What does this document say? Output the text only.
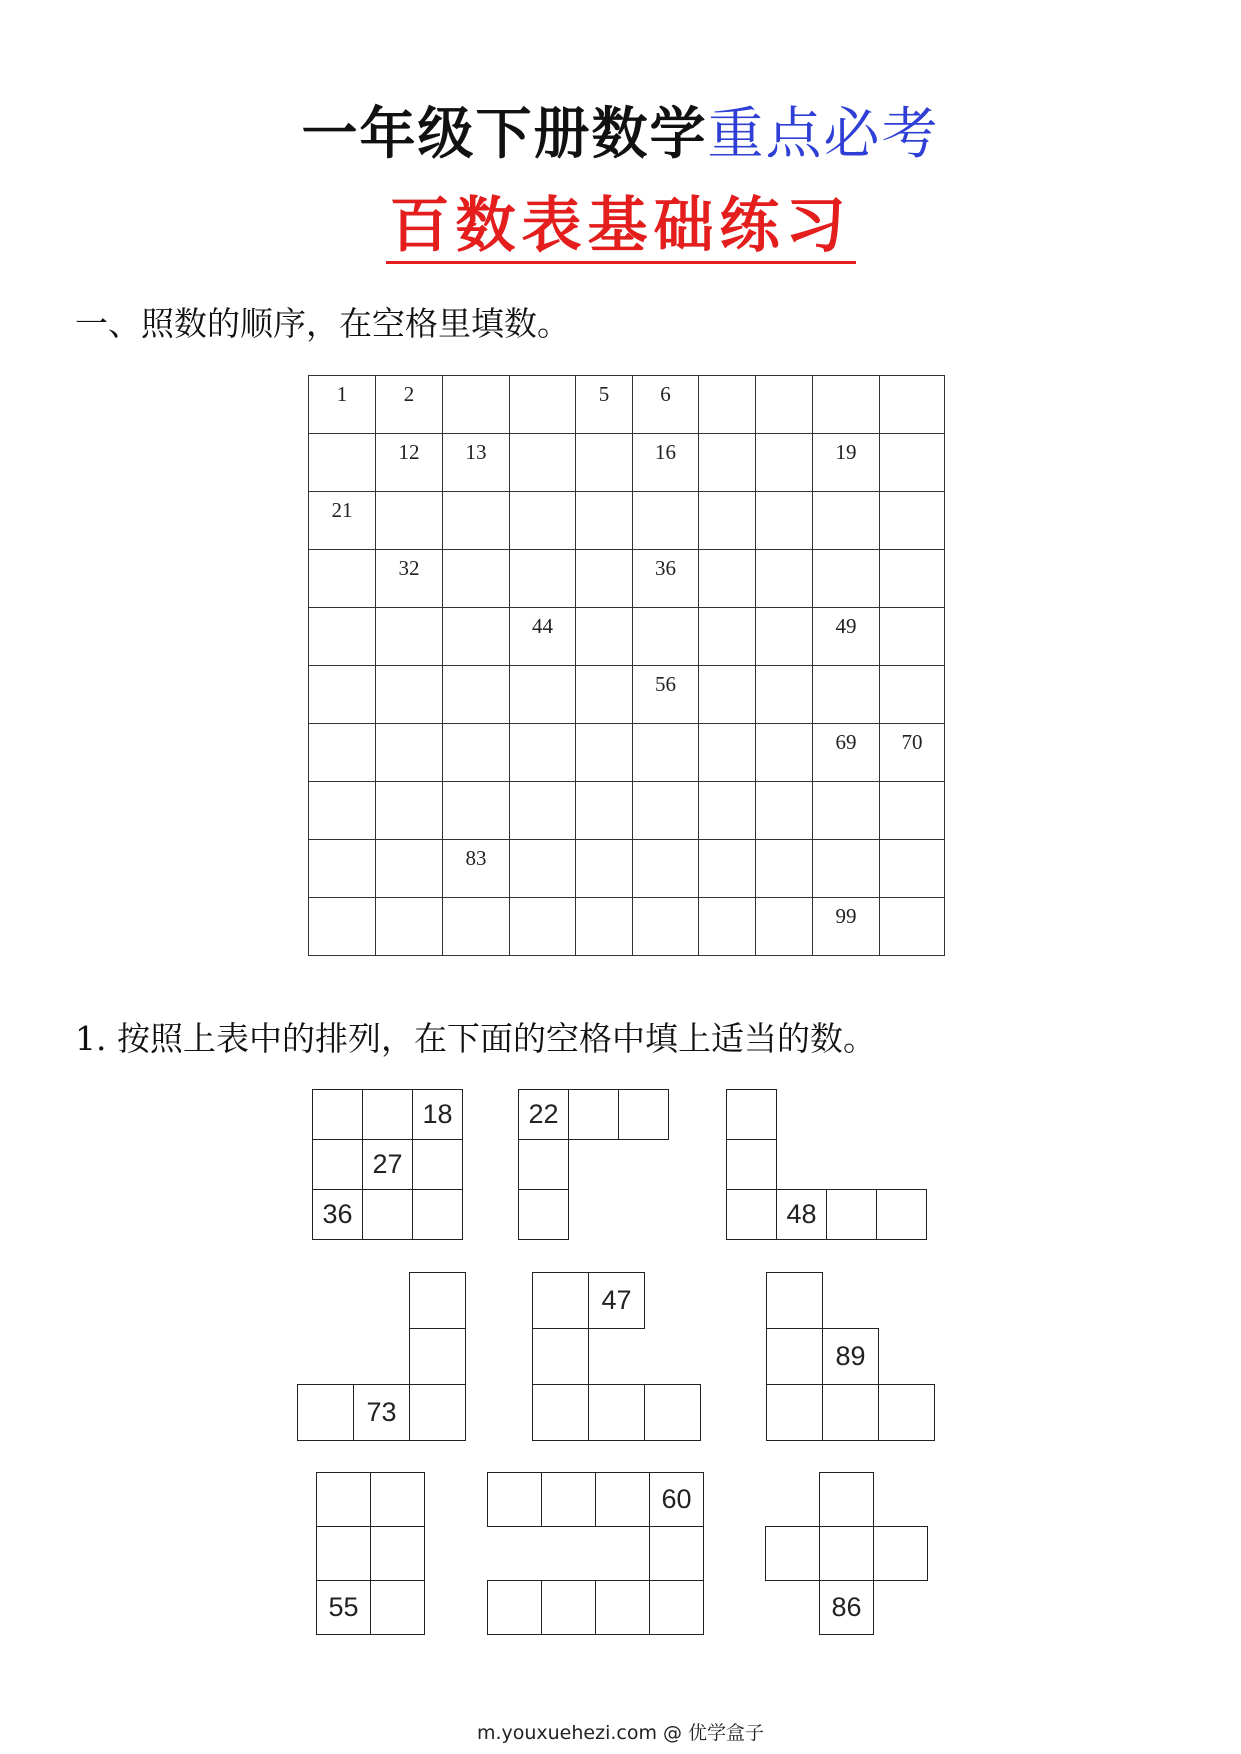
一年级下册数学重点必考
百数表基础练习
一、照数的顺序，在空格里填数。
1	2			5	6				

	12	13			16			19	

21									

	32				36				

			44					49	

					56				

								69	70

		83							

								99	

1. 按照上表中的排列，在下面的空格中填上适当的数。
18
27
36
22
48
73
47
89
55
60
86
m.youxuehezi.com @ 优学盒子
